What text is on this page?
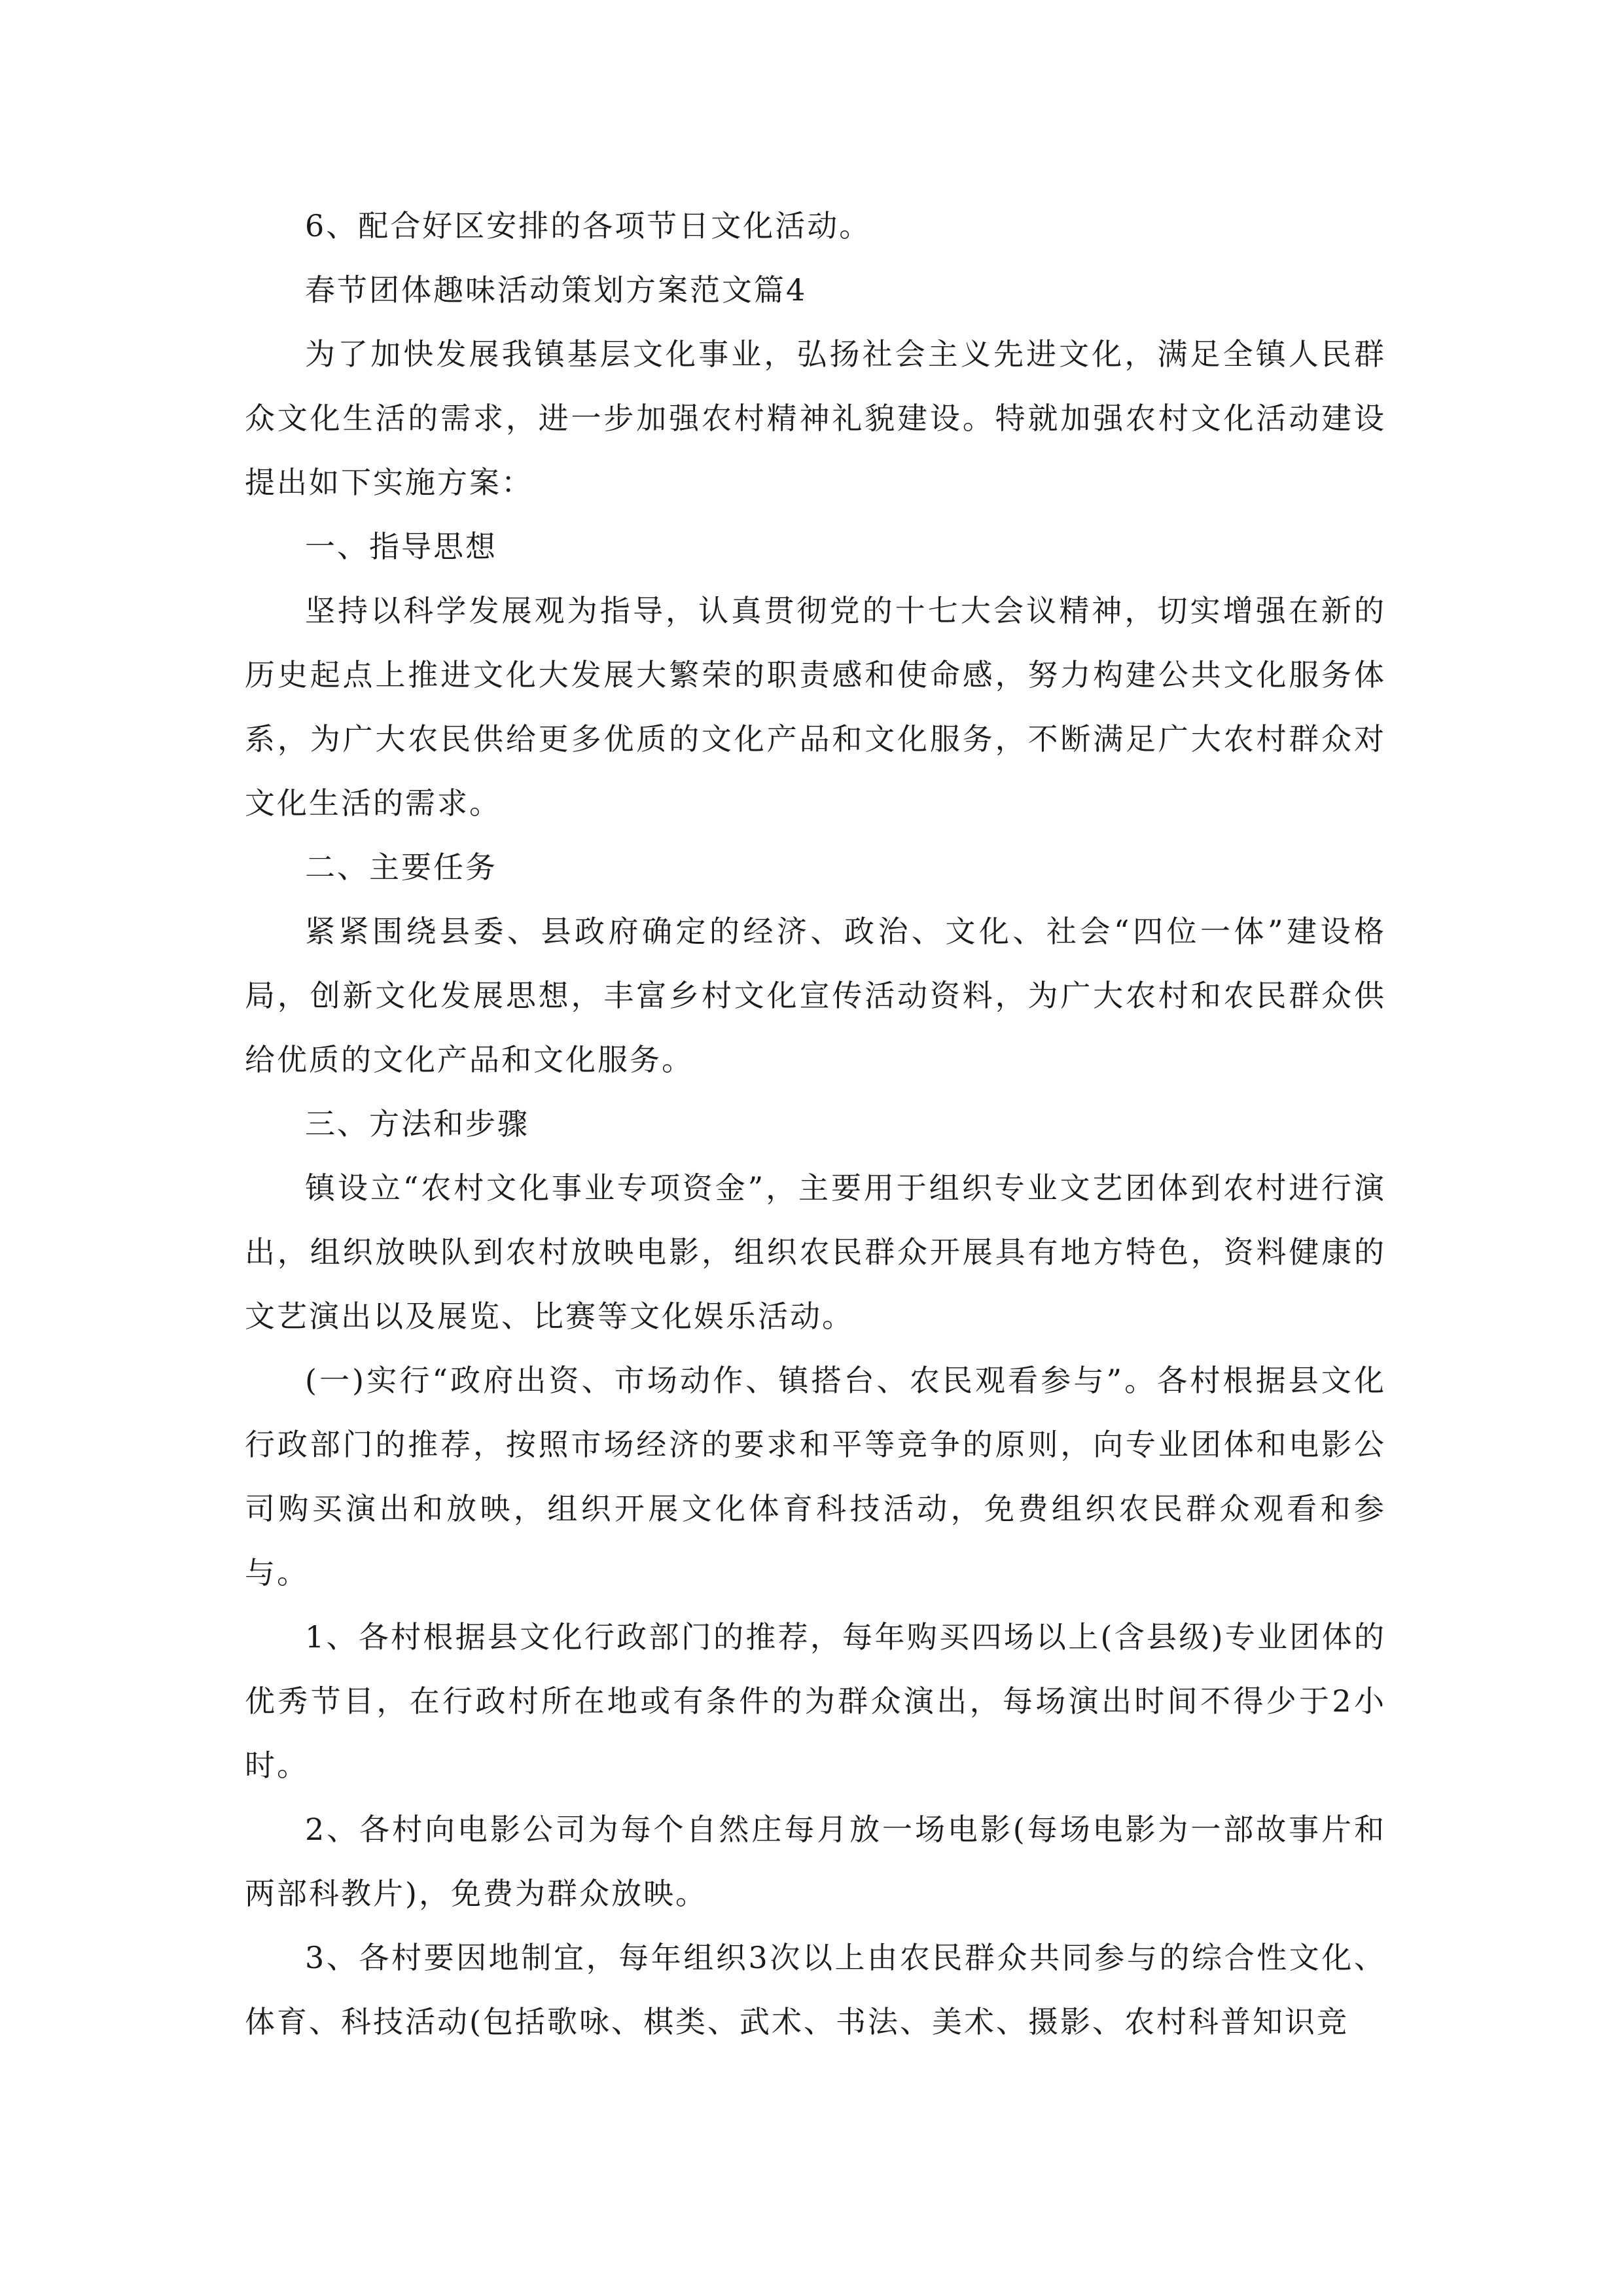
6、配合好区安排的各项节日文化活动。

春节团体趣味活动策划方案范文篇4

为了加快发展我镇基层文化事业，弘扬社会主义先进文化，满足全镇人民群众文化生活的需求，进一步加强农村精神礼貌建设。特就加强农村文化活动建设提出如下实施方案：

一、指导思想

坚持以科学发展观为指导，认真贯彻党的十七大会议精神，切实增强在新的历史起点上推进文化大发展大繁荣的职责感和使命感，努力构建公共文化服务体系，为广大农民供给更多优质的文化产品和文化服务，不断满足广大农村群众对文化生活的需求。

二、主要任务

紧紧围绕县委、县政府确定的经济、政治、文化、社会“四位一体”建设格局，创新文化发展思想，丰富乡村文化宣传活动资料，为广大农村和农民群众供给优质的文化产品和文化服务。

三、方法和步骤

镇设立“农村文化事业专项资金”，主要用于组织专业文艺团体到农村进行演出，组织放映队到农村放映电影，组织农民群众开展具有地方特色，资料健康的文艺演出以及展览、比赛等文化娱乐活动。

(一)实行“政府出资、市场动作、镇搭台、农民观看参与”。各村根据县文化行政部门的推荐，按照市场经济的要求和平等竞争的原则，向专业团体和电影公司购买演出和放映，组织开展文化体育科技活动，免费组织农民群众观看和参与。

1、各村根据县文化行政部门的推荐，每年购买四场以上(含县级)专业团体的优秀节目，在行政村所在地或有条件的为群众演出，每场演出时间不得少于2小时。

2、各村向电影公司为每个自然庄每月放一场电影(每场电影为一部故事片和两部科教片)，免费为群众放映。

3、各村要因地制宜，每年组织3次以上由农民群众共同参与的综合性文化、体育、科技活动(包括歌咏、棋类、武术、书法、美术、摄影、农村科普知识竞
